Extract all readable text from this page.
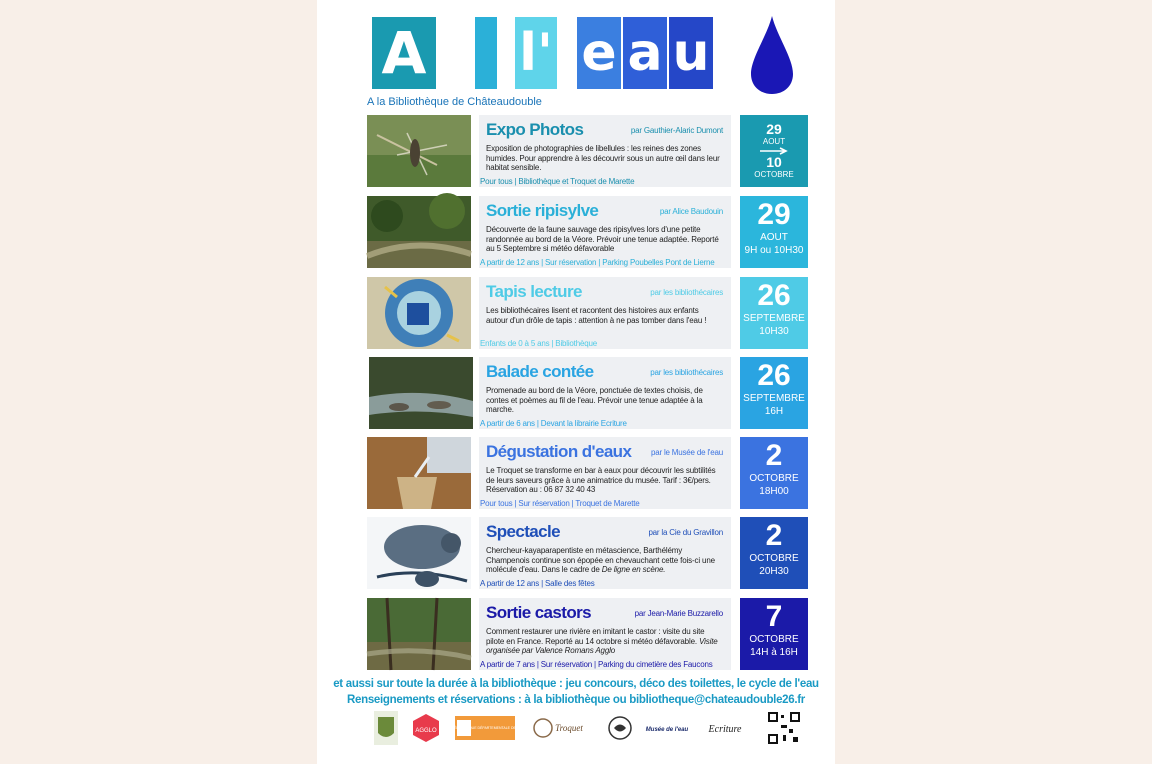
A l' e a u
A la Bibliothèque de Châteaudouble
Expo Photos	par Gauthier-Alaric Dumont
Exposition de photographies de libellules : les reines des zones humides. Pour apprendre à les découvrir sous un autre œil dans leur habitat sensible.
Pour tous | Bibliothèque et Troquet de Marette
29
AOUT
10
OCTOBRE
Sortie ripisylve	par Alice Baudouin
Découverte de la faune sauvage des ripisylves lors d'une petite randonnée au bord de la Véore. Prévoir une tenue adaptée. Reporté au 5 Septembre si météo défavorable
A partir de 12 ans | Sur réservation | Parking Poubelles Pont de Lierne
29
AOUT
9H ou 10H30
Tapis lecture	par les bibliothécaires
Les bibliothécaires lisent et racontent des histoires aux enfants autour d'un drôle de tapis : attention à ne pas tomber dans l'eau !
Enfants de 0 à 5 ans | Bibliothèque
26
SEPTEMBRE
10H30
Balade contée	par les bibliothécaires
Promenade au bord de la Véore, ponctuée de textes choisis, de contes et poèmes au fil de l'eau. Prévoir une tenue adaptée à la marche.
A partir de 6 ans | Devant la librairie Ecriture
26
SEPTEMBRE
16H
Dégustation d'eaux par le Musée de l'eau
Le Troquet se transforme en bar à eaux pour découvrir les subtilités de leurs saveurs grâce à une animatrice du musée. Tarif : 3€/pers. Réservation au : 06 87 32 40 43
Pour tous | Sur réservation | Troquet de Marette
2
OCTOBRE
18H00
Spectacle	par la Cie du Gravillon
Chercheur-kayaparapentiste en métascience, Barthélémy Champenois continue son épopée en chevauchant cette fois-ci une molécule d'eau. Dans le cadre de De ligne en scène.
A partir de 12 ans | Salle des fêtes
2
OCTOBRE
20H30
Sortie castors	par Jean-Marie Buzzarello
Comment restaurer une rivière en imitant le castor : visite du site pilote en France. Reporté au 14 octobre si météo défavorable. Visite organisée par Valence Romans Agglo
A partir de 7 ans | Sur réservation | Parking du cimetière des Faucons
7
OCTOBRE
14H à 16H
et aussi sur toute la durée à la bibliothèque : jeu concours, déco des toilettes, le cycle de l'eau
Renseignements et réservations : à la bibliothèque ou bibliotheque@chateaudouble26.fr
AGGLO	MÉDIATHÈQUE DÉPARTEMENTALE DE LA DRÔME Troquet	Musée de l'eau Ecriture
